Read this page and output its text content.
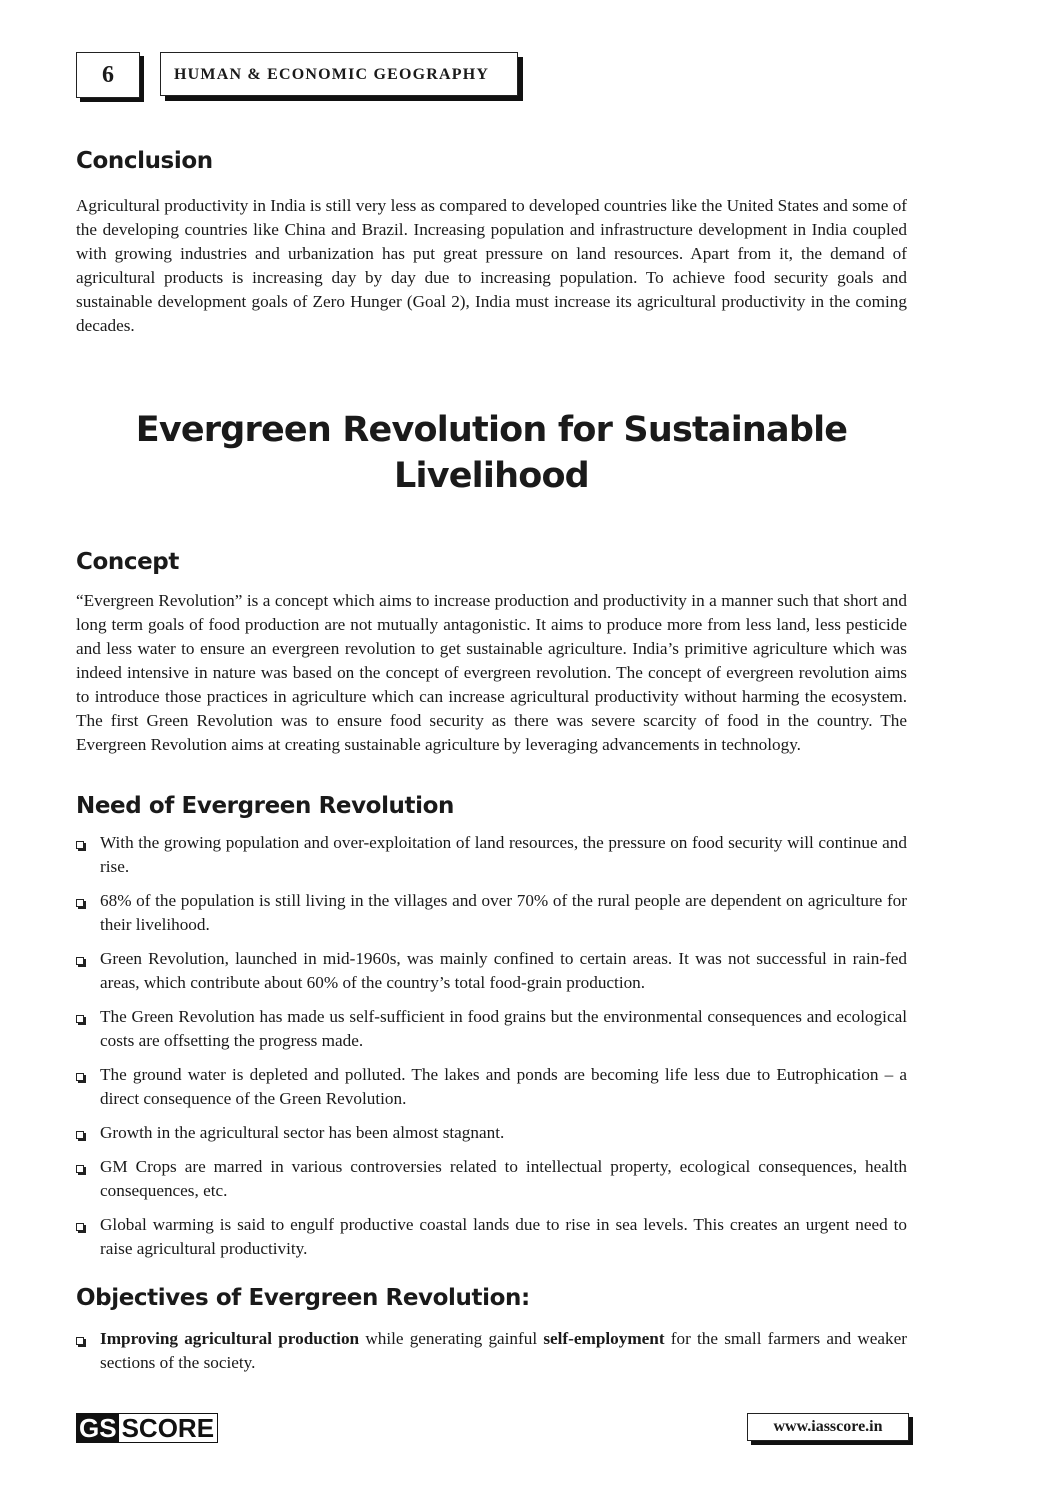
6	HUMAN & ECONOMIC GEOGRAPHY
Conclusion

Agricultural productivity in India is still very less as compared to developed countries like the United States and some of the developing countries like China and Brazil. Increasing population and infrastructure development in India coupled with growing industries and urbanization has put great pressure on land resources. Apart from it, the demand of agricultural products is increasing day by day due to increasing population. To achieve food security goals and sustainable development goals of Zero Hunger (Goal 2), India must increase its agricultural productivity in the coming decades.

Evergreen Revolution for Sustainable
Livelihood
Concept

“Evergreen Revolution” is a concept which aims to increase production and productivity in a manner such that short and long term goals of food production are not mutually antagonistic. It aims to produce more from less land, less pesticide and less water to ensure an evergreen revolution to get sustainable agriculture. India’s primitive agriculture which was indeed intensive in nature was based on the concept of evergreen revolution. The concept of evergreen revolution aims to introduce those practices in agriculture which can increase agricultural productivity without harming the ecosystem. The first Green Revolution was to ensure food security as there was severe scarcity of food in the country. The Evergreen Revolution aims at creating sustainable agriculture by leveraging advancements in technology.

Need of Evergreen Revolution
With the growing population and over-exploitation of land resources, the pressure on food security will continue and rise.
68% of the population is still living in the villages and over 70% of the rural people are dependent on agriculture for their livelihood.
Green Revolution, launched in mid-1960s, was mainly confined to certain areas. It was not successful in rain-fed areas, which contribute about 60% of the country’s total food-grain production.
The Green Revolution has made us self-sufficient in food grains but the environmental consequences and ecological costs are offsetting the progress made.
The ground water is depleted and polluted. The lakes and ponds are becoming life less due to Eutrophication – a direct consequence of the Green Revolution.
Growth in the agricultural sector has been almost stagnant.
GM Crops are marred in various controversies related to intellectual property, ecological consequences, health consequences, etc.
Global warming is said to engulf productive coastal lands due to rise in sea levels. This creates an urgent need to raise agricultural productivity.
Objectives of Evergreen Revolution:
Improving agricultural production while generating gainful self-employment for the small farmers and weaker sections of the society.
GS SCORE	www.iasscore.in
